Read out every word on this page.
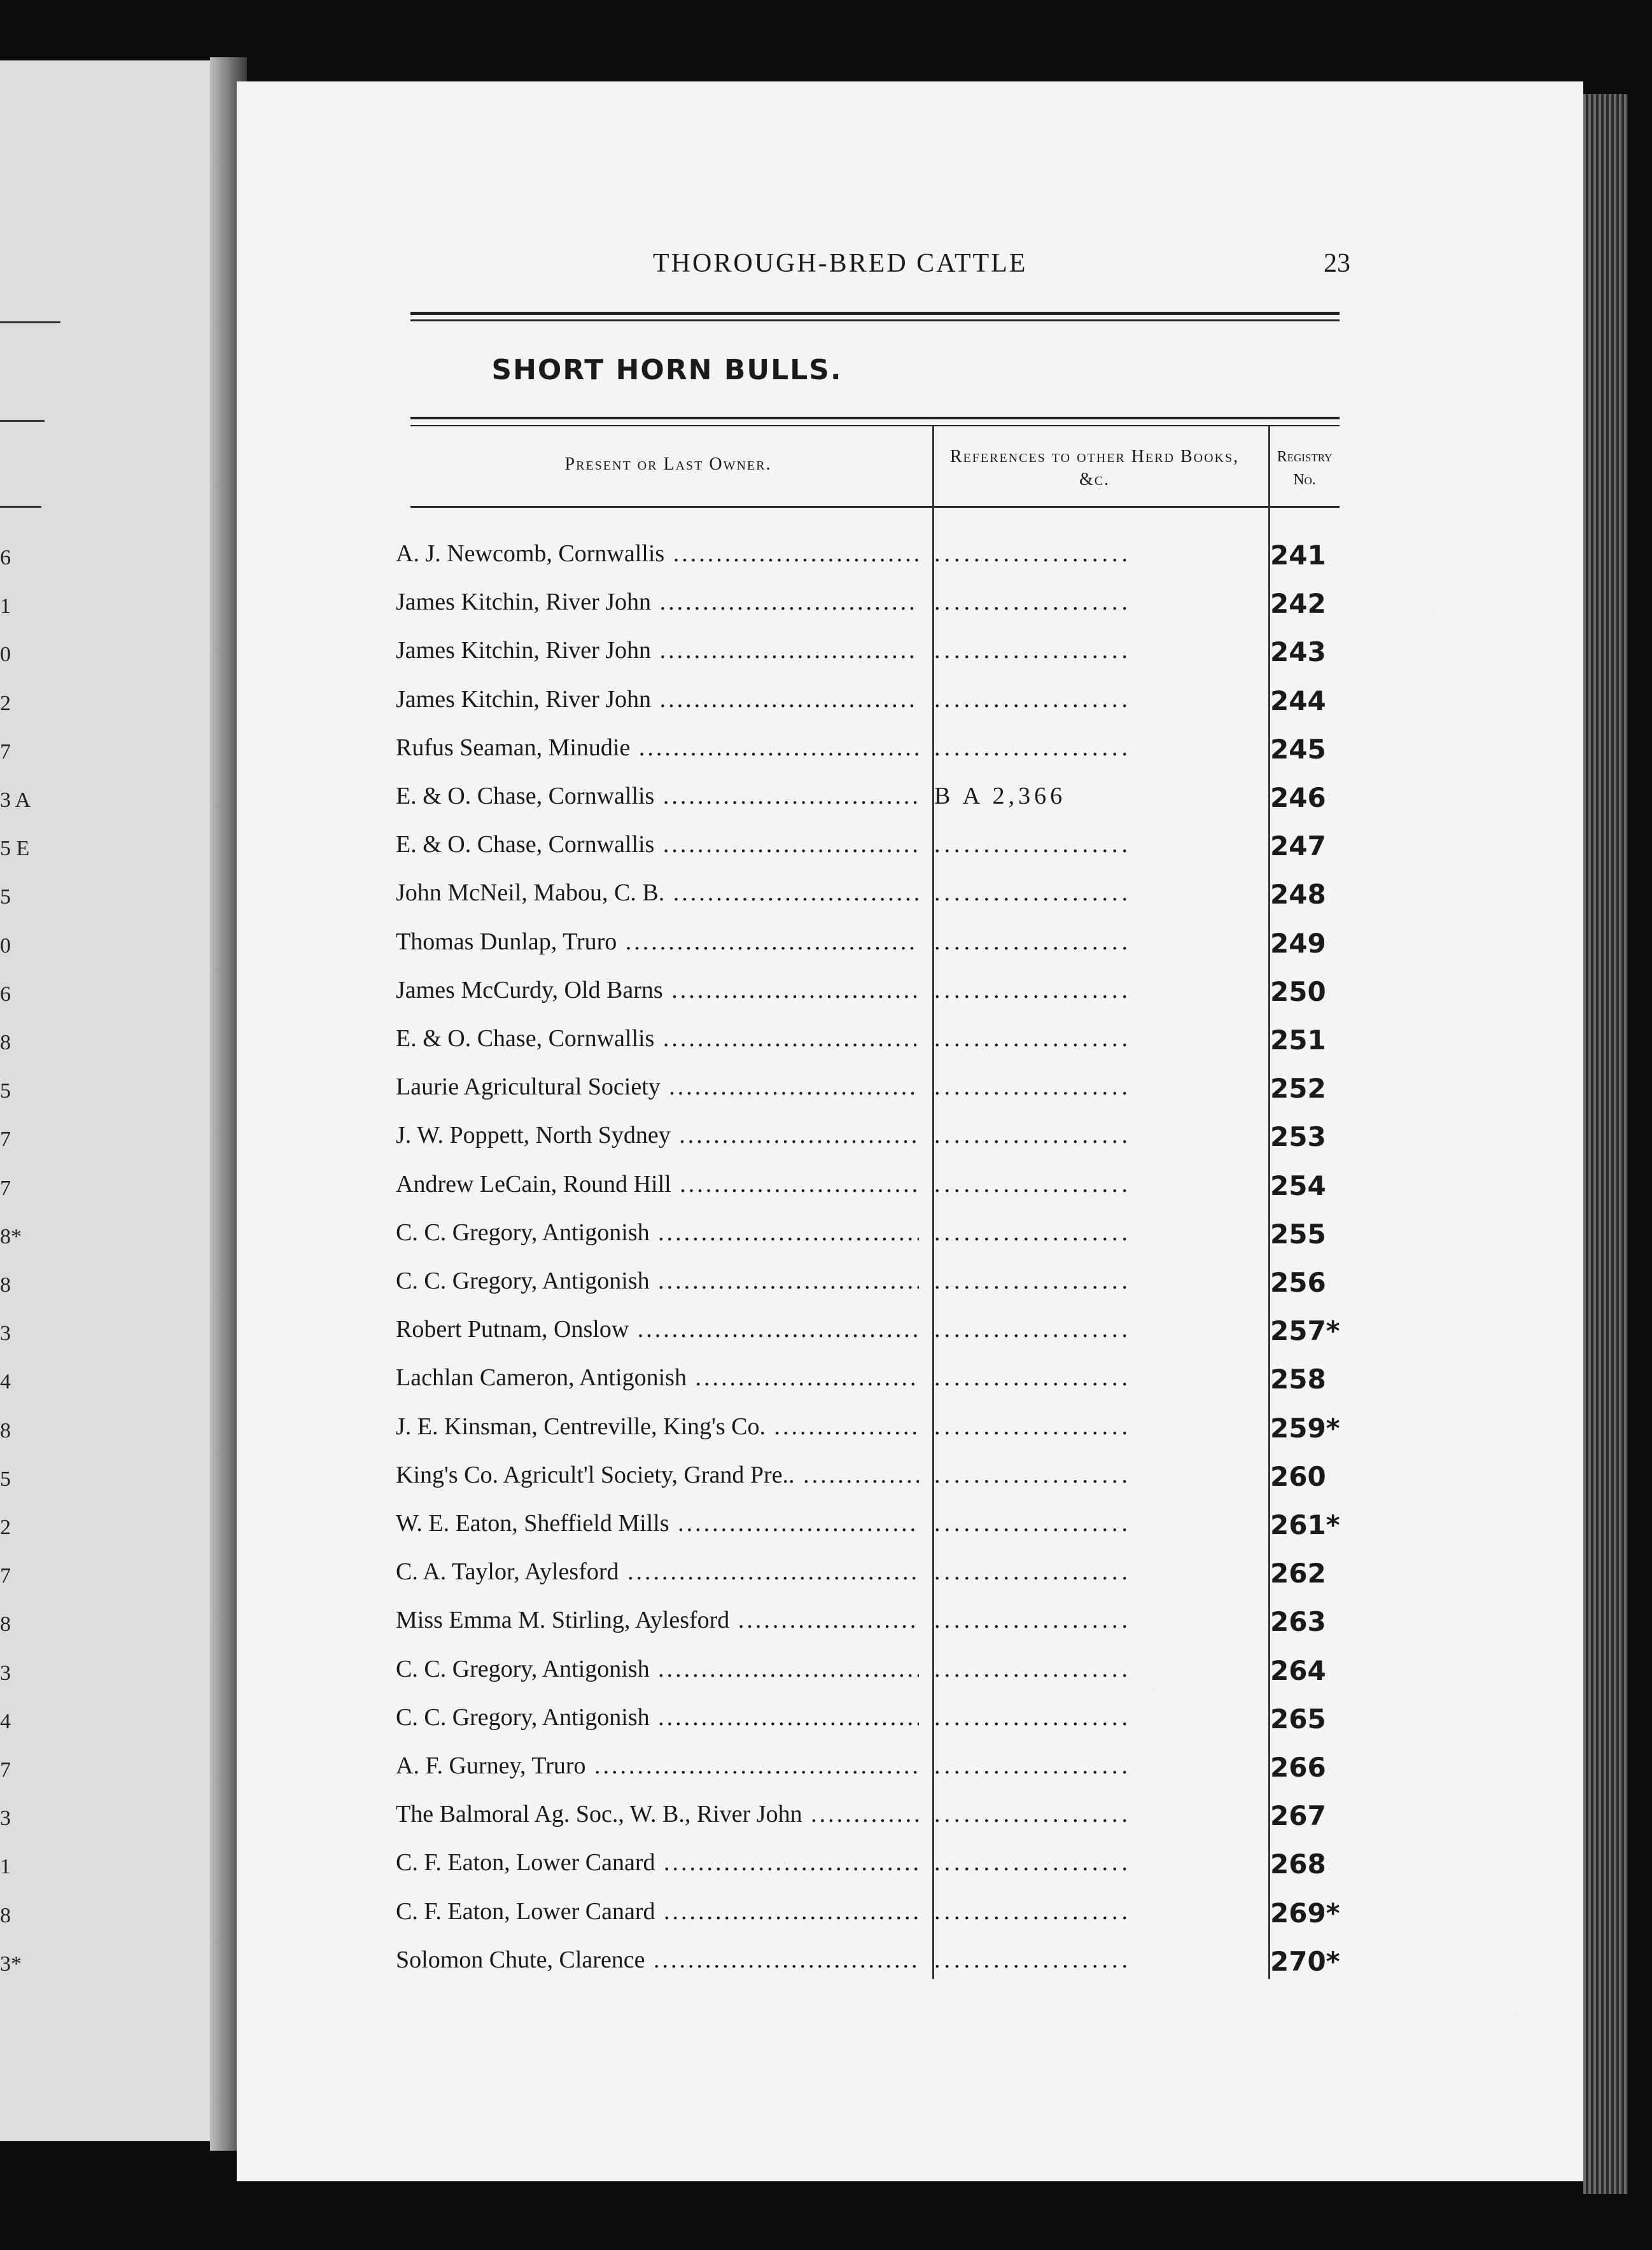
6
1
0
2
7
3 A
5 E
5
0
6
8
5
7
7
8*
8
3
4
8
5
2
7
8
3
4
7
3
1
8
3*
THOROUGH-BRED CATTLE	23
SHORT HORN BULLS.
Present or Last Owner.	References to other Herd Books, &c.
Registry
No.
A. J. Newcomb, Cornwallis .....	....................	241
James Kitchin, River John .....	....................	242
James Kitchin, River John .....	....................	243
James Kitchin, River John .....	....................	244
Rufus Seaman, Minudie .....	....................	245
E. & O. Chase, Cornwallis .....	B A 2,366	246
E. & O. Chase, Cornwallis .....	....................	247
John McNeil, Mabou, C. B. .....	....................	248
Thomas Dunlap, Truro .....	....................	249
James McCurdy, Old Barns .....	....................	250
E. & O. Chase, Cornwallis .....	....................	251
Laurie Agricultural Society .....	....................	252
J. W. Poppett, North Sydney .....	....................	253
Andrew LeCain, Round Hill .....	....................	254
C. C. Gregory, Antigonish .....	....................	255
C. C. Gregory, Antigonish .....	....................	256
Robert Putnam, Onslow .....	....................	257*
Lachlan Cameron, Antigonish .....	....................	258
J. E. Kinsman, Centreville, King's Co. .....	....................	259*
King's Co. Agricult'l Society, Grand Pre.. .....	....................	260
W. E. Eaton, Sheffield Mills .....	....................	261*
C. A. Taylor, Aylesford .....	....................	262
Miss Emma M. Stirling, Aylesford .....	....................	263
C. C. Gregory, Antigonish .....	....................	264
C. C. Gregory, Antigonish .....	....................	265
A. F. Gurney, Truro .....	....................	266
The Balmoral Ag. Soc., W. B., River John .....	....................	267
C. F. Eaton, Lower Canard .....	....................	268
C. F. Eaton, Lower Canard .....	....................	269*
Solomon Chute, Clarence .....	....................	270*
